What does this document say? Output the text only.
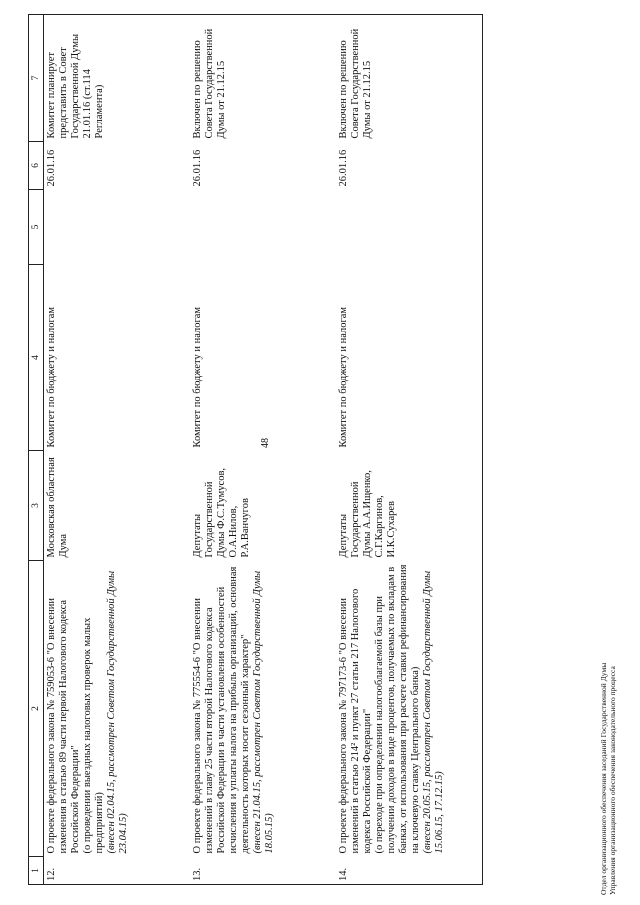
48
1	2	3	4	5	6	7
12.	О проекте федерального закона № 759053-6 "О внесении изменения в статью 89 части первой Налогового кодекса Российской Федерации" (о проведении выездных налоговых проверок малых предприятий) (внесен 02.04.15, рассмотрен Советом Государственной Думы 23.04.15)	Московская областная Дума	Комитет по бюджету и налогам		26.01.16	Комитет планирует представить в Совет Государственной Думы 21.01.16 (ст.114 Регламента)
13.	О проекте федерального закона № 775554-6 "О внесении изменений в главу 25 части второй Налогового кодекса Российской Федерации в части установления особенностей исчисления и уплаты налога на прибыль организаций, основная деятельность которых носит сезонный характер" (внесен 21.04.15, рассмотрен Советом Государственной Думы 18.05.15)	Депутаты Государственной Думы Ф.С.Тумусов, О.А.Нилов, Р.А.Ванчугов	Комитет по бюджету и налогам		26.01.16	Включен по решению Совета Государственной Думы от 21.12.15
14.	О проекте федерального закона № 797173-6 "О внесении изменений в статью 214² и пункт 27 статьи 217 Налогового кодекса Российской Федерации" (о переходе при определении налогооблагаемой базы при получении доходов в виде процентов, получаемых по вкладам в банках, от использования при расчете ставки рефинансирования на ключевую ставку Центрального банка) (внесен 20.05.15, рассмотрен Советом Государственной Думы 15.06.15, 17.12.15)	Депутаты Государственной Думы А.А.Ищенко, С.Г.Каргинов, И.К.Сухарев	Комитет по бюджету и налогам		26.01.16	Включен по решению Совета Государственной Думы от 21.12.15
Отдел организационного обеспечения заседаний Государственной Думы Управления организационного обеспечения законодательного процесса
